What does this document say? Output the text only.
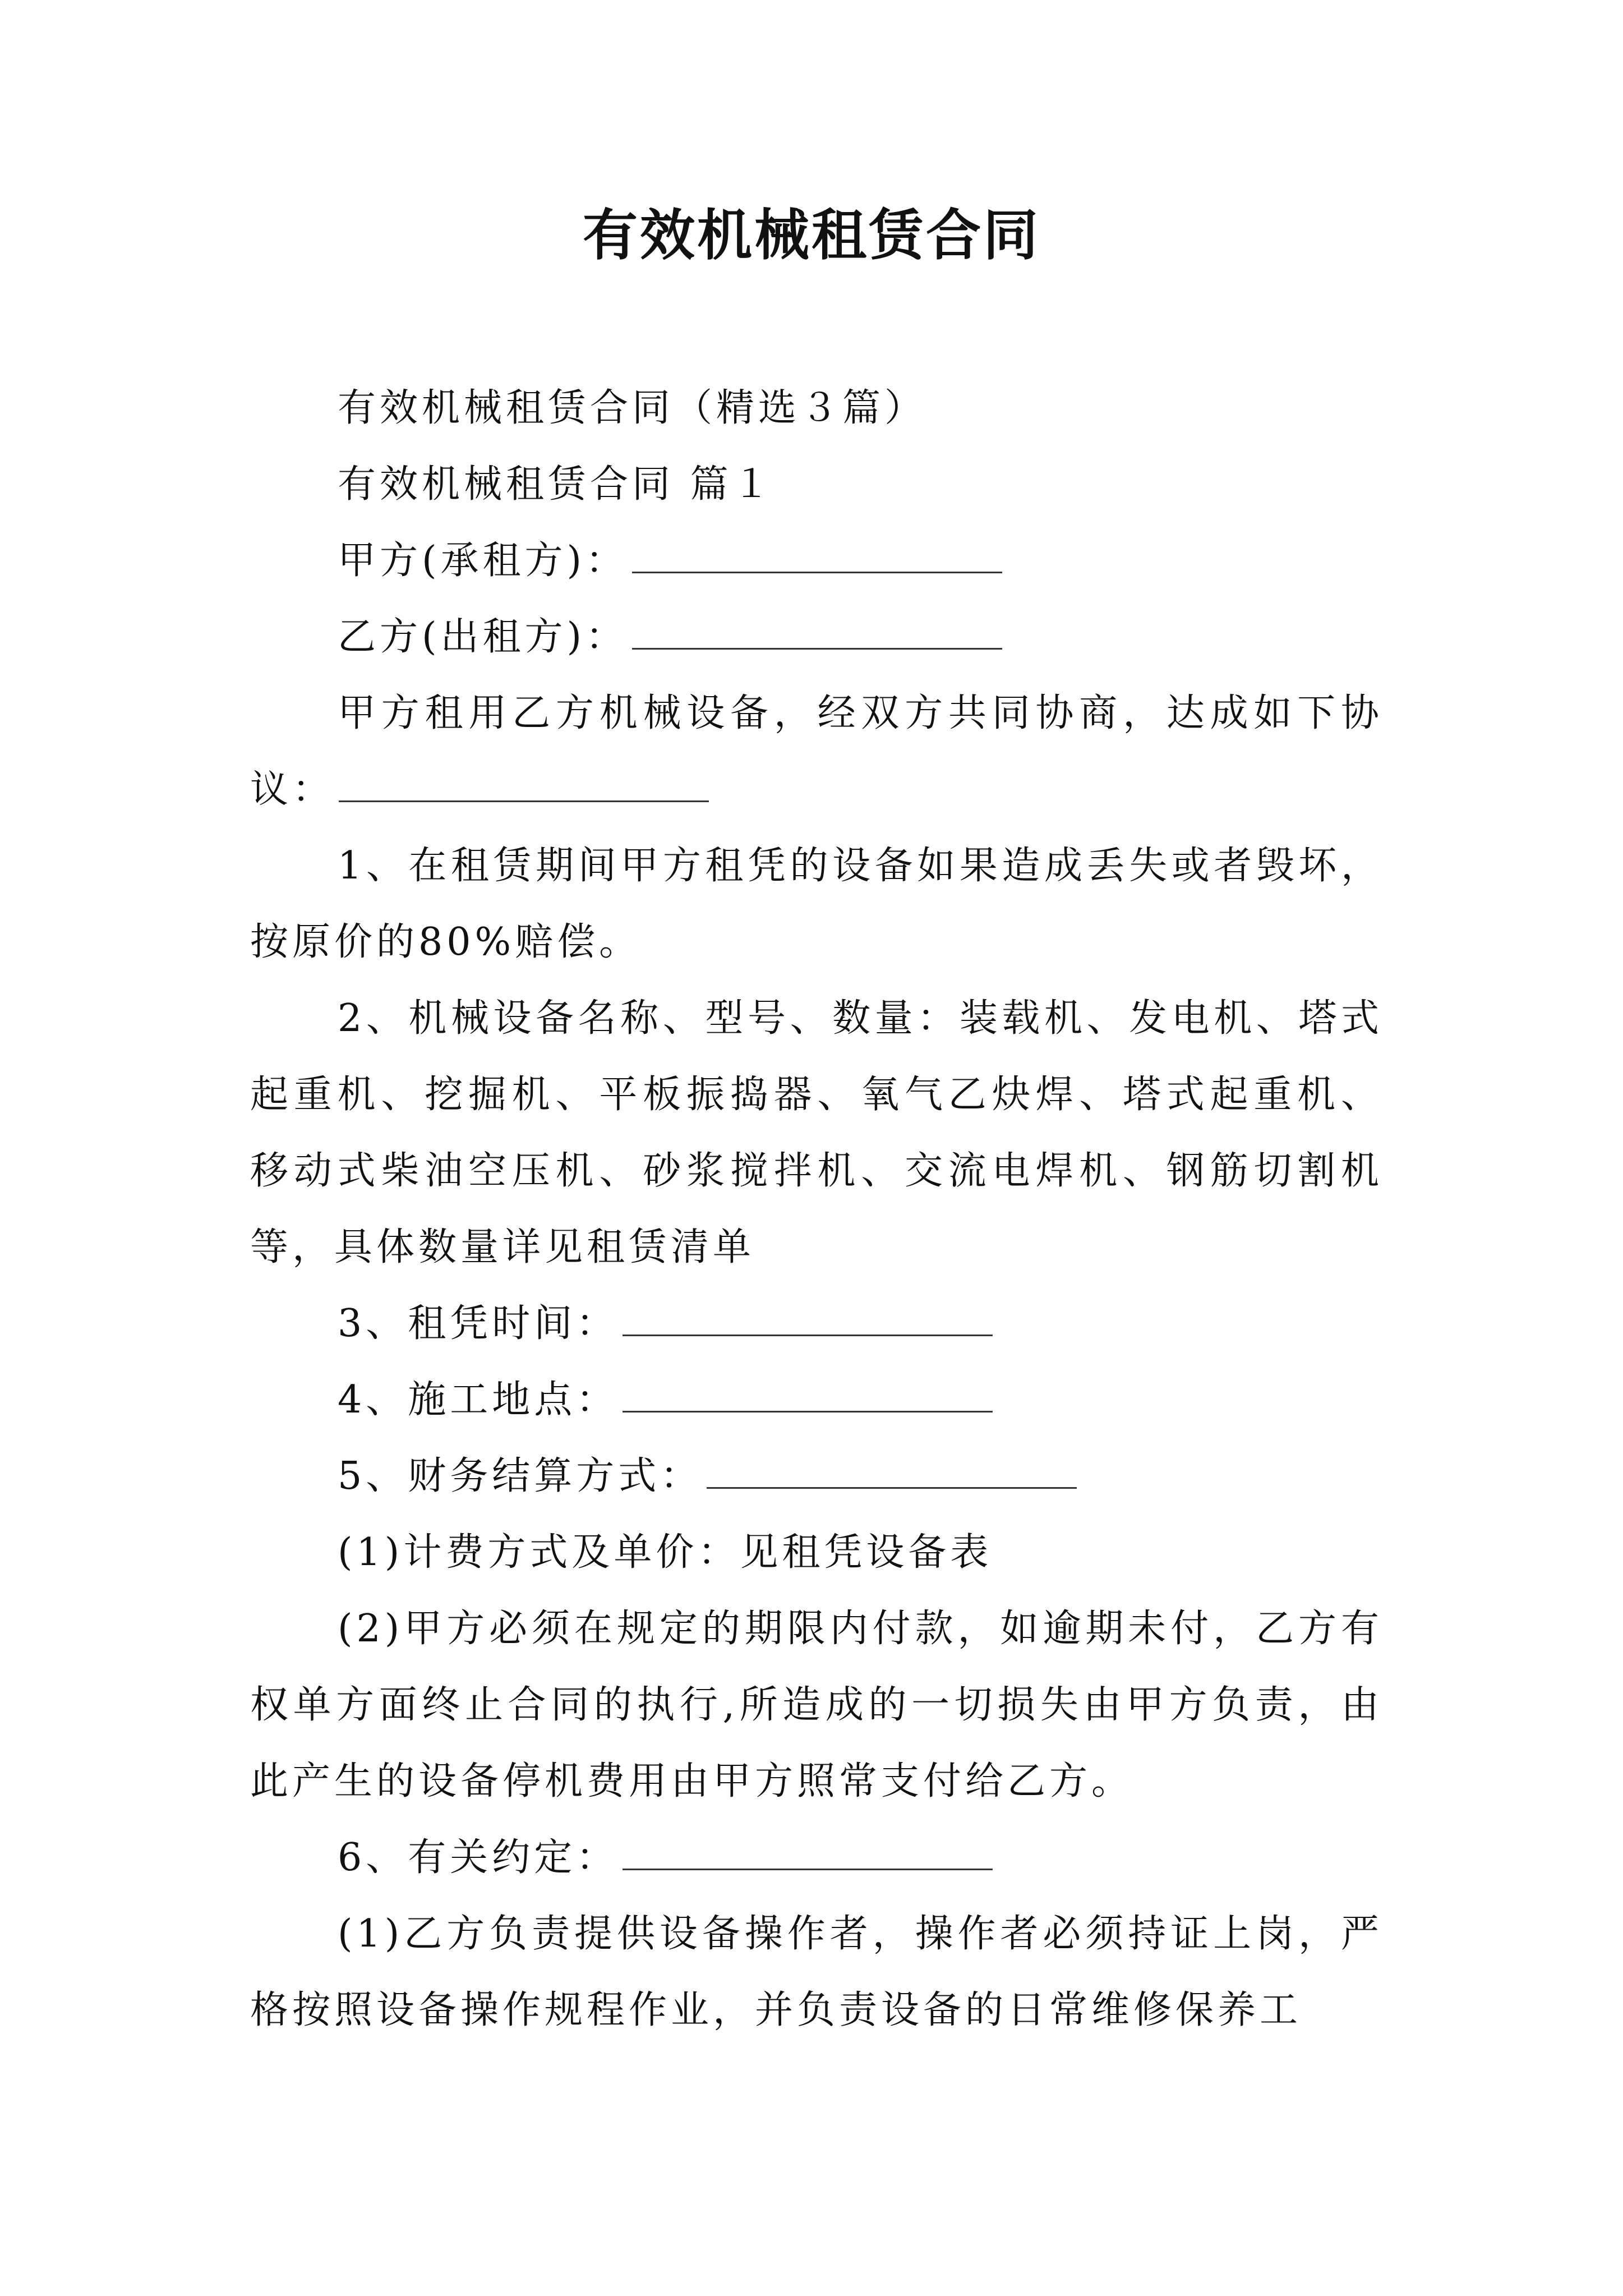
有效机械租赁合同

有效机械租赁合同（精选３篇）

有效机械租赁合同 篇１

甲方(承租方)：

乙方(出租方)：

甲方租用乙方机械设备，经双方共同协商，达成如下协议：

1、在租赁期间甲方租凭的设备如果造成丢失或者毁坏，按原价的80%赔偿。

2、机械设备名称、型号、数量：装载机、发电机、塔式起重机、挖掘机、平板振捣器、氧气乙炔焊、塔式起重机、移动式柴油空压机、砂浆搅拌机、交流电焊机、钢筋切割机等，具体数量详见租赁清单

3、租凭时间：

4、施工地点：

5、财务结算方式：

(1)计费方式及单价：见租凭设备表

(2)甲方必须在规定的期限内付款，如逾期未付，乙方有权单方面终止合同的执行,所造成的一切损失由甲方负责，由此产生的设备停机费用由甲方照常支付给乙方。

6、有关约定：

(1)乙方负责提供设备操作者，操作者必须持证上岗，严格按照设备操作规程作业，并负责设备的日常维修保养工
